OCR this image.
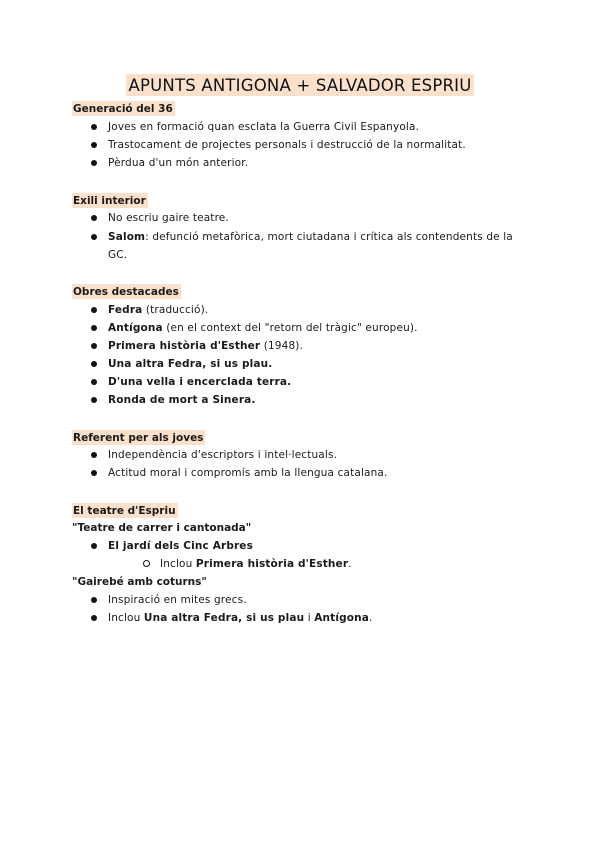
APUNTS ANTIGONA + SALVADOR ESPRIU
Generació del 36
Joves en formació quan esclata la Guerra Civil Espanyola.
Trastocament de projectes personals i destrucció de la normalitat.
Pèrdua d'un món anterior.
Exili interior
No escriu gaire teatre.
Salom: defunció metafòrica, mort ciutadana i crítica als contendents de la GC.
Obres destacades
Fedra (traducció).
Antígona (en el context del "retorn del tràgic" europeu).
Primera història d'Esther (1948).
Una altra Fedra, si us plau.
D'una vella i encerclada terra.
Ronda de mort a Sinera.
Referent per als joves
Independència d'escriptors i intel·lectuals.
Actitud moral i compromís amb la llengua catalana.
El teatre d'Espriu
"Teatre de carrer i cantonada"
El jardí dels Cinc Arbres
Inclou Primera història d'Esther.
"Gairebé amb coturns"
Inspiració en mites grecs.
Inclou Una altra Fedra, si us plau i Antígona.
